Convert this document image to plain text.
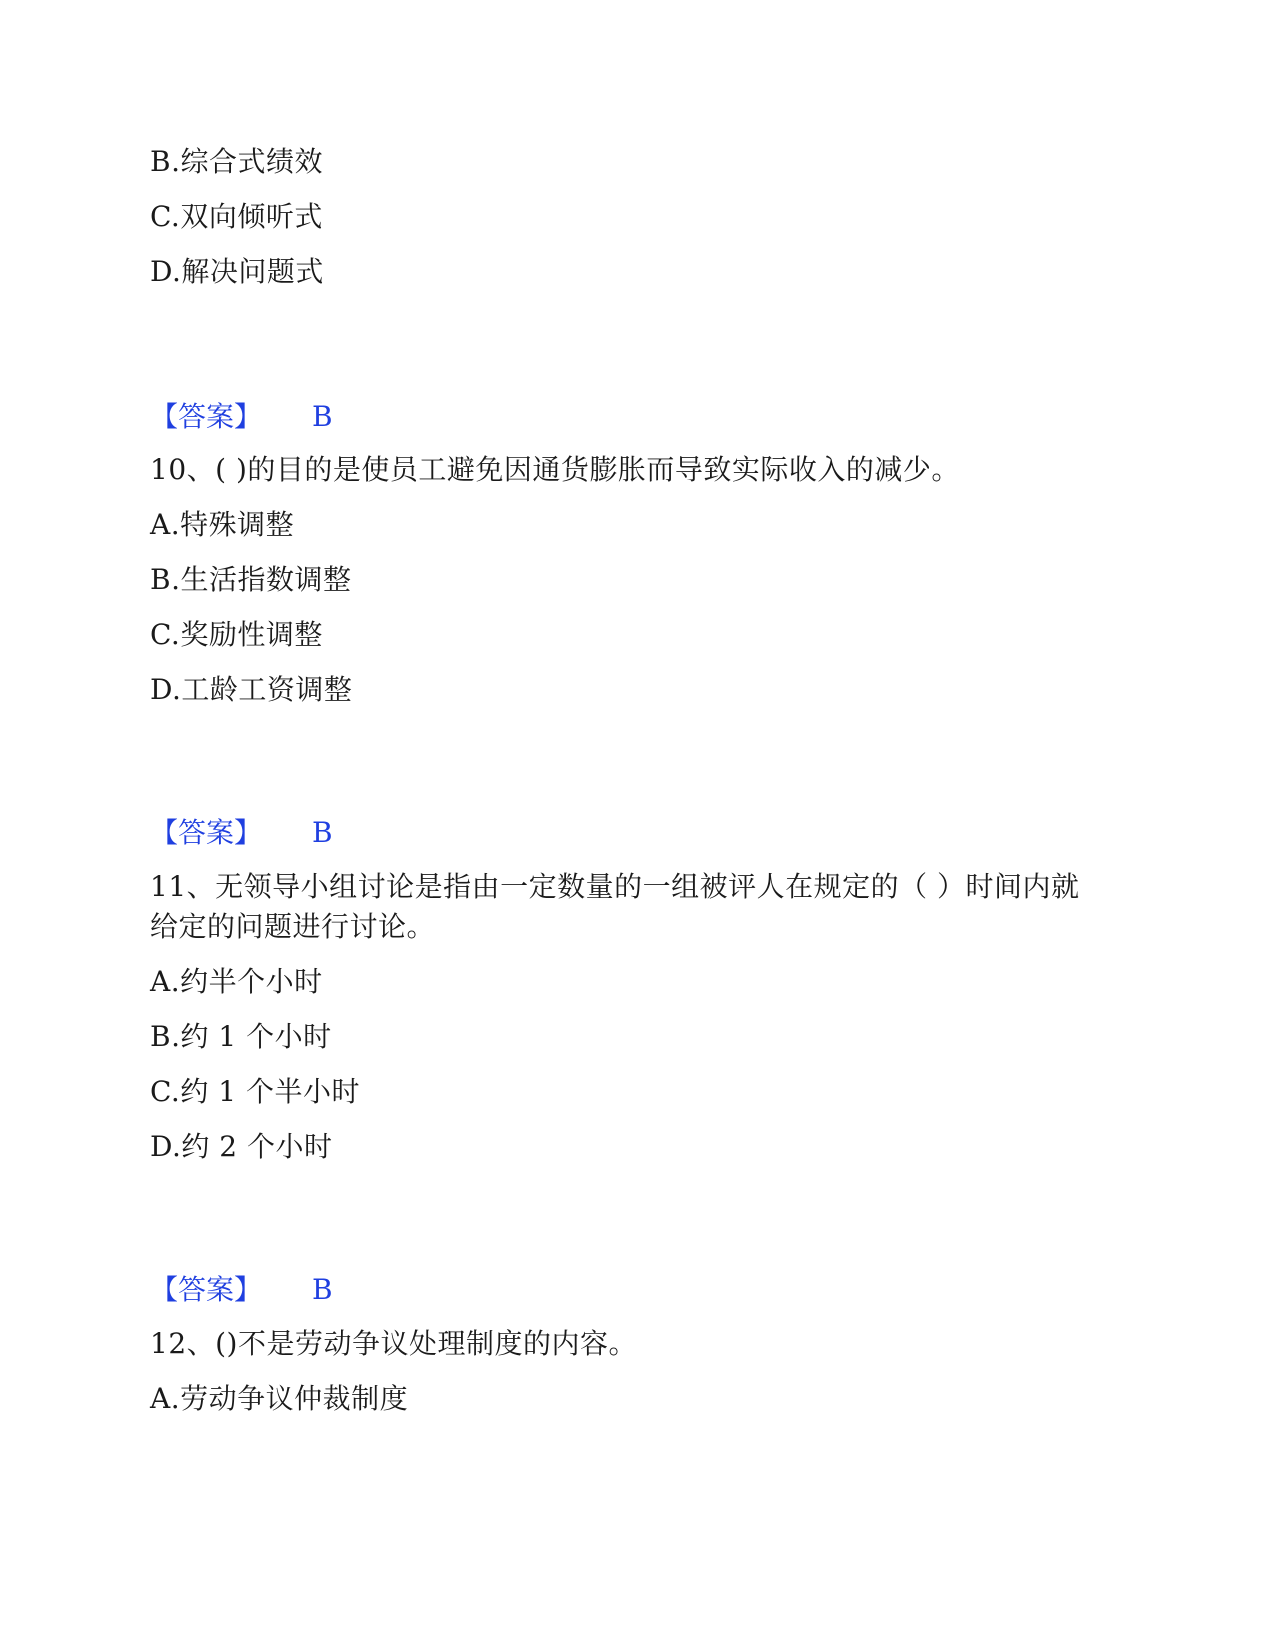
B.综合式绩效
C.双向倾听式
D.解决问题式
【答案】 B
10、( )的目的是使员工避免因通货膨胀而导致实际收入的减少。
A.特殊调整
B.生活指数调整
C.奖励性调整
D.工龄工资调整
【答案】 B
11、无领导小组讨论是指由一定数量的一组被评人在规定的（ ）时间内就
给定的问题进行讨论。
A.约半个小时
B.约 1 个小时
C.约 1 个半小时
D.约 2 个小时
【答案】 B
12、()不是劳动争议处理制度的内容。
A.劳动争议仲裁制度
